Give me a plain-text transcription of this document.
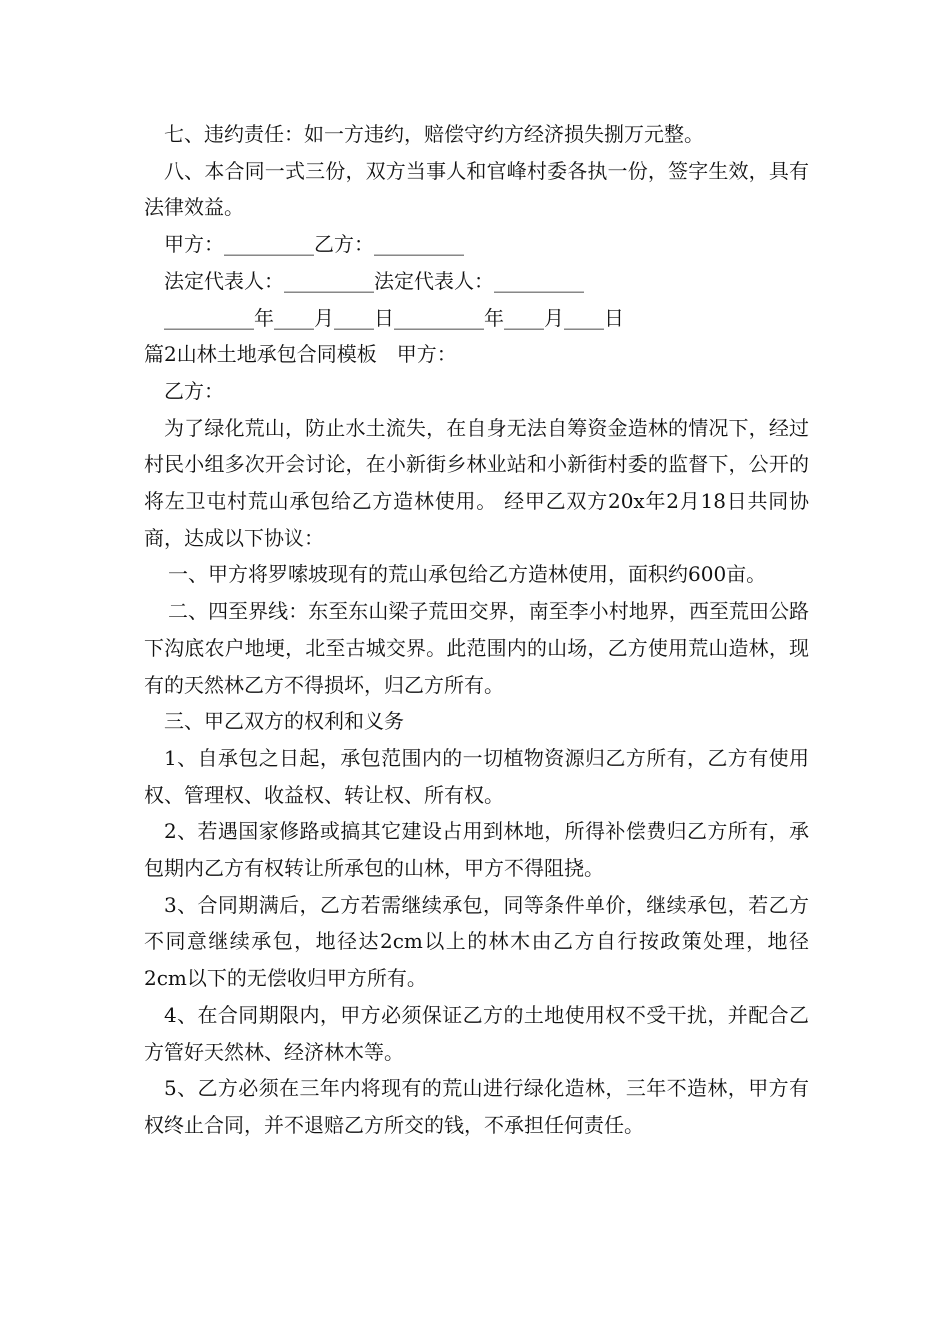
七、违约责任：如一方违约，赔偿守约方经济损失捌万元整。

八、本合同一式三份，双方当事人和官峰村委各执一份，签字生效，具有法律效益。

甲方：_________乙方：_________

法定代表人：_________法定代表人：_________

_________年____月____日_________年____月____日

篇2山林土地承包合同模板　甲方：

乙方：

为了绿化荒山，防止水土流失，在自身无法自筹资金造林的情况下，经过村民小组多次开会讨论，在小新街乡林业站和小新街村委的监督下，公开的将左卫屯村荒山承包给乙方造林使用。 经甲乙双方20x年2月18日共同协商，达成以下协议：

一、甲方将罗嗦坡现有的荒山承包给乙方造林使用，面积约600亩。

二、四至界线：东至东山梁子荒田交界，南至李小村地界，西至荒田公路下沟底农户地埂，北至古城交界。此范围内的山场，乙方使用荒山造林，现有的天然林乙方不得损坏，归乙方所有。

三、甲乙双方的权利和义务

1、自承包之日起，承包范围内的一切植物资源归乙方所有，乙方有使用权、管理权、收益权、转让权、所有权。

2、若遇国家修路或搞其它建设占用到林地，所得补偿费归乙方所有，承包期内乙方有权转让所承包的山林，甲方不得阻挠。

3、合同期满后，乙方若需继续承包，同等条件单价，继续承包，若乙方不同意继续承包，地径达2cm以上的林木由乙方自行按政策处理，地径2cm以下的无偿收归甲方所有。

4、在合同期限内，甲方必须保证乙方的土地使用权不受干扰，并配合乙方管好天然林、经济林木等。

5、乙方必须在三年内将现有的荒山进行绿化造林，三年不造林，甲方有权终止合同，并不退赔乙方所交的钱，不承担任何责任。
